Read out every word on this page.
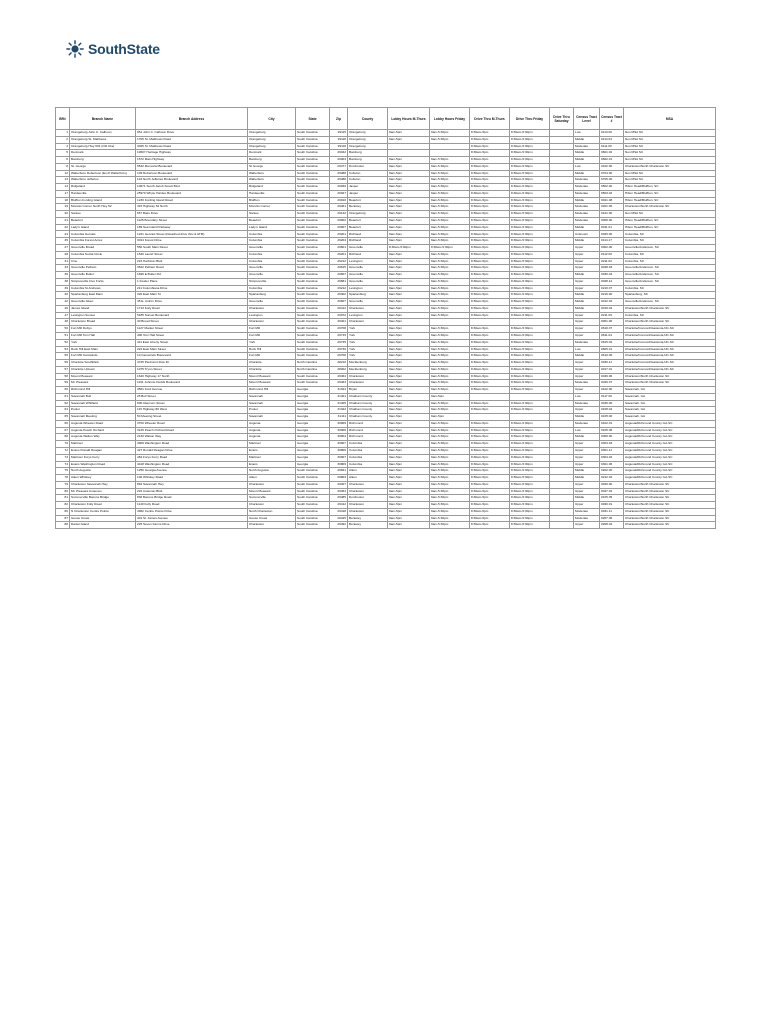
SouthState
BR#	Branch Name	Branch Address	City	State	Zip	County	Lobby Hours M-Thurs	Lobby Hours Friday	Drive Thru M-Thurs	Drive Thru Friday	Drive Thru Saturday	Census Tract Level	Census Tract #	MSA
1	Orangeburg John C. Calhoun	951 John C. Calhoun Drive	Orangeburg	South Carolina	29115	Orangeburg	9am-5pm	9am-5:30pm	8:30am-5pm	8:30am-5:30pm		Low	0113.00	Non MSA SC
2	Orangeburg St. Matthews	1705 St. Matthews Road	Orangeburg	South Carolina	29118	Orangeburg	9am-5pm	9am-5:30pm	8:30am-5pm	8:30am-5:30pm		Middle	0114.03	Non MSA SC
3	Orangeburg Hwy 601 (Old Ora)	3025 St. Matthews Road	Orangeburg	South Carolina	29118	Orangeburg			8:30am-5pm	8:30am-5:30pm		Moderate	0111.00	Non MSA SC
5	Denmark	10607 Heritage Highway	Denmark	South Carolina	29042	Bamberg			8:30am-5pm	8:30am-5:30pm		Middle	9601.02	Non MSA SC
6	Bamberg	1572 Main Highway	Bamberg	South Carolina	29003	Bamberg	9am-5pm	9am-5:30pm	8:30am-5pm	8:30am-5:30pm		Middle	9602.01	Non MSA SC
8	St. George	5542 Memorial Boulevard	St George	South Carolina	29477	Dorchester	9am-5pm	9am-5:30pm	8:30am-5pm	8:30am-5:30pm		Low	0102.00	Charleston/North Charleston SC
12	Walterboro Robertson (Ex-D Walterboro)	109 Robertson Boulevard	Walterboro	South Carolina	29488	Colleton	9am-5pm	9am-5:30pm	8:30am-5pm	8:30am-5:30pm		Middle	9704.00	Non MSA SC
13	Walterboro Jefferies	124 North Jefferies Boulevard	Walterboro	South Carolina	29488	Colleton	9am-5pm	9am-5:30pm	8:30am-5pm	8:30am-5:30pm		Moderate	9705.00	Non MSA SC
14	Ridgeland	10671 South Jacob Smart Blvd	Ridgeland	South Carolina	29936	Jasper	9am-5pm	9am-5:30pm	8:30am-5pm	8:30am-5:30pm		Moderate	9502.00	Hilton Head/Bluffton, SC
17	Hardeeville	25970 Whyte Hardee Boulevard	Hardeeville	South Carolina	29927	Jasper	9am-5pm	9am-5:30pm	8:30am-5pm	8:30am-5:30pm		Moderate	9503.02	Hilton Head/Bluffton, SC
18	Bluffton Fording Island	1230 Fording Island Road	Bluffton	South Carolina	29910	Beaufort	9am-5pm	9am-5:30pm	8:30am-5pm	8:30am-5:30pm		Middle	0021.08	Hilton Head/Bluffton, SC
19	Moncks Corner North Hwy 52	415 Highway 52 North	Moncks Corner	South Carolina	29461	Berkeley	9am-5pm	9am-5:30pm	8:30am-5pm	8:30am-5:30pm		Moderate	0201.06	Charleston/North Charleston SC
20	Santee	657 Bass Drive	Santee	South Carolina	29142	Orangeburg	9am-5pm	9am-5:30pm	8:30am-5pm	8:30am-5:30pm		Moderate	0101.00	Non MSA SC
21	Beaufort	1125 Boundary Street	Beaufort	South Carolina	29902	Beaufort	9am-5pm	9am-5:30pm	8:30am-5pm	8:30am-5:30pm		Moderate	0006.00	Hilton Head/Bluffton, SC
22	Lady's Island	189 Sea Island Parkway	Lady's Island	South Carolina	29907	Beaufort	9am-5pm	9am-5:30pm	8:30am-5pm	8:30am-5:30pm		Middle	0011.01	Hilton Head/Bluffton, SC
24	Columbia Gervais	1221 Gervais Street (Detached drive thru & ATM)	Columbia	South Carolina	29201	Richland	9am-5pm	9am-5:30pm	8:30am-5pm	8:30am-5:30pm		Unknown	0029.00	Columbia, SC
25	Columbia Forest Acres	3014 Forest Drive	Columbia	South Carolina	29204	Richland	9am-5pm	9am-5:30pm	8:30am-5pm	8:30am-5:30pm		Middle	0114.17	Columbia, SC
27	Greenville Broad	550 South Main Street	Greenville	South Carolina	29601	Greenville	8:30am-5:00pm	8:30am-5:30pm	8:30am-5pm	8:30am-5:30pm		Upper	0002.00	Greenville/Anderson, SC
28	Columbia Social Circle	1520 Laurel Street	Columbia	South Carolina	29201	Richland	9am-5pm	9am-5:30pm	8:30am-5pm	8:30am-5:30pm		Upper	0112.00	Columbia, SC
31	Irmo	216 Harbison Blvd.	Columbia	South Carolina	29212	Lexington	9am-5pm	9am-5:30pm	8:30am-5pm	8:30am-5:30pm		Upper	0211.02	Columbia, SC
33	Greenville Pelham	3622 Pelham Road	Greenville	South Carolina	29615	Greenville	9am-5pm	9am-5:30pm	8:30am-5pm	8:30am-5:30pm		Upper	0028.03	Greenville/Anderson, SC
36	Greenville Butler	1696 E Butler Rd.	Greenville	South Carolina	29607	Greenville	9am-5pm	9am-5:30pm	8:30am-5pm	8:30am-5:30pm		Middle	0030.04	Greenville/Anderson, SC
38	Simpsonville Five Forks	1 Fowler Place	Simpsonville	South Carolina	29681	Greenville	9am-5pm	9am-5:30pm	8:30am-5pm	8:30am-5:30pm		Upper	0028.12	Greenville/Anderson, SC
39	Columbia St Andrews	211 Columbiana Drive	Columbia	South Carolina	29212	Lexington	9am-5pm	9am-5:30pm	8:30am-5pm	8:30am-5:30pm		Upper	0210.07	Columbia, SC
40	Spartanburg East Main	320 East Main St.	Spartanburg	South Carolina	29302	Spartanburg	9am-5pm	9am-5:30pm	8:30am-5pm	8:30am-5:30pm		Middle	0216.00	Spartanburg, SC
42	Greenville Aiken	45 E. Antrim Drive	Greenville	South Carolina	29607	Greenville	9am-5pm	9am-5:30pm	8:30am-5pm	8:30am-5:30pm		Middle	0012.02	Greenville/Anderson, SC
46	James Island	1713 Folly Road	Charleston	South Carolina	29412	Charleston	9am-5pm	9am-5:30pm	8:30am-5pm	8:30am-5:30pm		Middle	0019.03	Charleston/North Charleston SC
47	Lexington Sunset	5185 Sunset Boulevard	Lexington	South Carolina	29072	Lexington	9am-5pm	9am-5:30pm	8:30am-5pm	8:30am-5:30pm		Upper	0211.09	Columbia, SC
48	Charleston Broad	40 Broad Street	Charleston	South Carolina	29401	Charleston	9am-5pm					Upper	0001.00	Charleston/North Charleston SC
50	Fort Mill Dobys	1127 Market Street	Fort Mill	South Carolina	29708	York	9am-5pm	9am-5:30pm	8:30am-5pm	8:30am-5:30pm		Upper	0610.07	Charlotte/Concord/Gastonia,NC-SC
51	Fort Mill Tom Hall	400 Tom Hall Street	Fort Mill	South Carolina	29715	York	9am-5pm	9am-5:30pm	8:30am-5pm	8:30am-5:30pm		Upper	0611.04	Charlotte/Concord/Gastonia,NC-SC
52	York	411 East Liberty Street	York	South Carolina	29745	York	9am-5pm	9am-5:30pm	8:30am-5pm	8:30am-5:30pm		Moderate	0615.02	Charlotte/Concord/Gastonia,NC-SC
53	Rock Hill East Main	222 East Main Street	Rock Hill	South Carolina	29730	York	9am-5pm	9am-5:30pm	8:30am-5pm	8:30am-5:30pm		Low	0605.01	Charlotte/Concord/Gastonia,NC-SC
55	Fort Mill Carowinds	10 Carowinds Boulevard	Fort Mill	South Carolina	29708	York	9am-5pm	9am-5:30pm	8:30am-5pm	8:30am-5:30pm		Middle	0610.06	Charlotte/Concord/Gastonia,NC-SC
56	Charlotte SouthPark	4725 Piedmont Row Dr.	Charlotte	North Carolina	28210	Mecklenburg	9am-5pm	9am-5:30pm	8:30am-5pm	8:30am-5:30pm		Upper	0030.11	Charlotte/Concord/Gastonia,NC-SC
57	Charlotte Uptown	1075 Tryon Street	Charlotte	North Carolina	28202	Mecklenburg	9am-5pm	9am-5:30pm	8:30am-5pm	8:30am-5:30pm		Upper	0017.01	Charlotte/Concord/Gastonia,NC-SC
58	Mount Pleasant	1640 Highway 17 North	Mount Pleasant	South Carolina	29464	Charleston	9am-5pm	9am-5:30pm	8:30am-5pm	8:30am-5:30pm		Upper	0046.06	Charleston/North Charleston SC
59	Mt. Pleasant	1101 Johnnie Dodds Boulevard	Mount Pleasant	South Carolina	29464	Charleston	9am-5pm	9am-5:30pm	8:30am-5pm	8:30am-5:30pm		Moderate	0046.07	Charleston/North Charleston SC
60	Richmond Hill	3501 Ford Avenue	Richmond Hill	Georgia	31324	Bryan	9am-5pm	9am-5:30pm	8:30am-5pm	8:30am-5:30pm		Upper	0102.00	Savannah, GA
61	Savannah Bull	25 Bull Street	Savannah	Georgia	31401	Chatham County	9am-5pm	9am-5pm				Low	0117.00	Savannah, GA
62	Savannah Whitfield	600 Abercorn Street	Savannah	Georgia	31405	Chatham County	9am-5pm	9am-5:30pm	8:30am-5pm	8:30am-5:30pm		Moderate	0046.00	Savannah, GA
64	Pooler	115 Highway 80 West	Pooler	Georgia	31322	Chatham County	9am-5pm	9am-5:30pm	8:30am-5pm	8:30am-5:30pm		Upper	0108.04	Savannah, GA
65	Savannah Meeting	50 Meeting Street	Savannah	Georgia	31411	Chatham County	9am-5pm	9am-5pm				Middle	0105.00	Savannah, GA
66	Augusta Wheeler Road	3700 Wheeler Road	Augusta	Georgia	30909	Richmond	9am-5pm	9am-5:30pm	8:30am-5pm	8:30am-5:30pm		Moderate	0102.01	Augusta/Richmond County GA-SC
67	Augusta Peach Orchard	3125 Peach Orchard Road	Augusta	Georgia	30906	Richmond	9am-5pm	9am-5:30pm	8:30am-5pm	8:30am-5:30pm		Low	0105.08	Augusta/Richmond County GA-SC
68	Augusta Walton Way	2130 Walton Way	Augusta	Georgia	30904	Richmond	9am-5pm	9am-5:30pm	8:30am-5pm	8:30am-5:30pm		Middle	0009.00	Augusta/Richmond County GA-SC
70	Martinez	3909 Washington Road	Martinez	Georgia	30907	Columbia	9am-5pm	9am-5:30pm	8:30am-5pm	8:30am-5:30pm		Upper	0303.03	Augusta/Richmond County GA-SC
72	Evans Ronald Reagan	427 Ronald Reagan Drive	Evans	Georgia	30809	Columbia	9am-5pm	9am-5:30pm	8:30am-5pm	8:30am-5:30pm		Upper	0301.11	Augusta/Richmond County GA-SC
73	Martinez Furys Ferry	484 Furys Ferry Road	Martinez	Georgia	30907	Columbia	9am-5pm	9am-5:30pm	8:30am-5pm	8:30am-5:30pm		Upper	0304.02	Augusta/Richmond County GA-SC
74	Evans Washington Road	4448 Washington Road	Evans	Georgia	30809	Columbia	9am-5pm	9am-5:30pm	8:30am-5pm	8:30am-5:30pm		Upper	0301.06	Augusta/Richmond County GA-SC
75	North Augusta	1250 Georgia Avenue	North Augusta	South Carolina	29841	Aiken	9am-5pm	9am-5:30pm	8:30am-5pm	8:30am-5:30pm		Middle	0202.00	Augusta/Richmond County GA-SC
78	Aiken Whiskey	100 Whiskey Road	Aiken	South Carolina	29803	Aiken	9am-5pm	9am-5:30pm	8:30am-5pm	8:30am-5:30pm		Middle	0212.02	Augusta/Richmond County GA-SC
79	Charleston Savannah Hwy	894 Savannah Hwy	Charleston	South Carolina	29407	Charleston	9am-5pm	9am-5:30pm	8:30am-5pm	8:30am-5:30pm		Upper	0020.00	Charleston/North Charleston SC
80	Mt. Pleasant Coleman	222 Coleman Blvd.	Mount Pleasant	South Carolina	29464	Charleston	9am-5pm	9am-5:30pm	8:30am-5pm	8:30am-5:30pm		Upper	0047.02	Charleston/North Charleston SC
81	Summerville Bacons Bridge	836 Bacons Bridge Road	Summerville	South Carolina	29485	Dorchester	9am-5pm	9am-5:30pm	8:30am-5pm	8:30am-5:30pm		Middle	0105.05	Charleston/North Charleston SC
82	Charleston Folly Road	1140 Folly Road	Charleston	South Carolina	29412	Charleston	9am-5pm	9am-5:30pm	8:30am-5pm	8:30am-5:30pm		Upper	0020.01	Charleston/North Charleston SC
86	N Charleston Centre Pointe	4962 Centre Pointe Drive	North Charleston	South Carolina	29418	Charleston	9am-5pm	9am-5:30pm	8:30am-5pm	8:30am-5:30pm		Moderate	0031.11	Charleston/North Charleston SC
87	Goose Creek	401 St. James Avenue	Goose Creek	South Carolina	29445	Berkeley	9am-5pm	9am-5:30pm	8:30am-5pm	8:30am-5:30pm		Moderate	0207.06	Charleston/North Charleston SC
88	Daniel Island	225 Seven Farms Drive	Charleston	South Carolina	29492	Berkeley	9am-5pm	9am-5:30pm	8:30am-5pm	8:30am-5:30pm		Upper	0208.02	Charleston/North Charleston SC
